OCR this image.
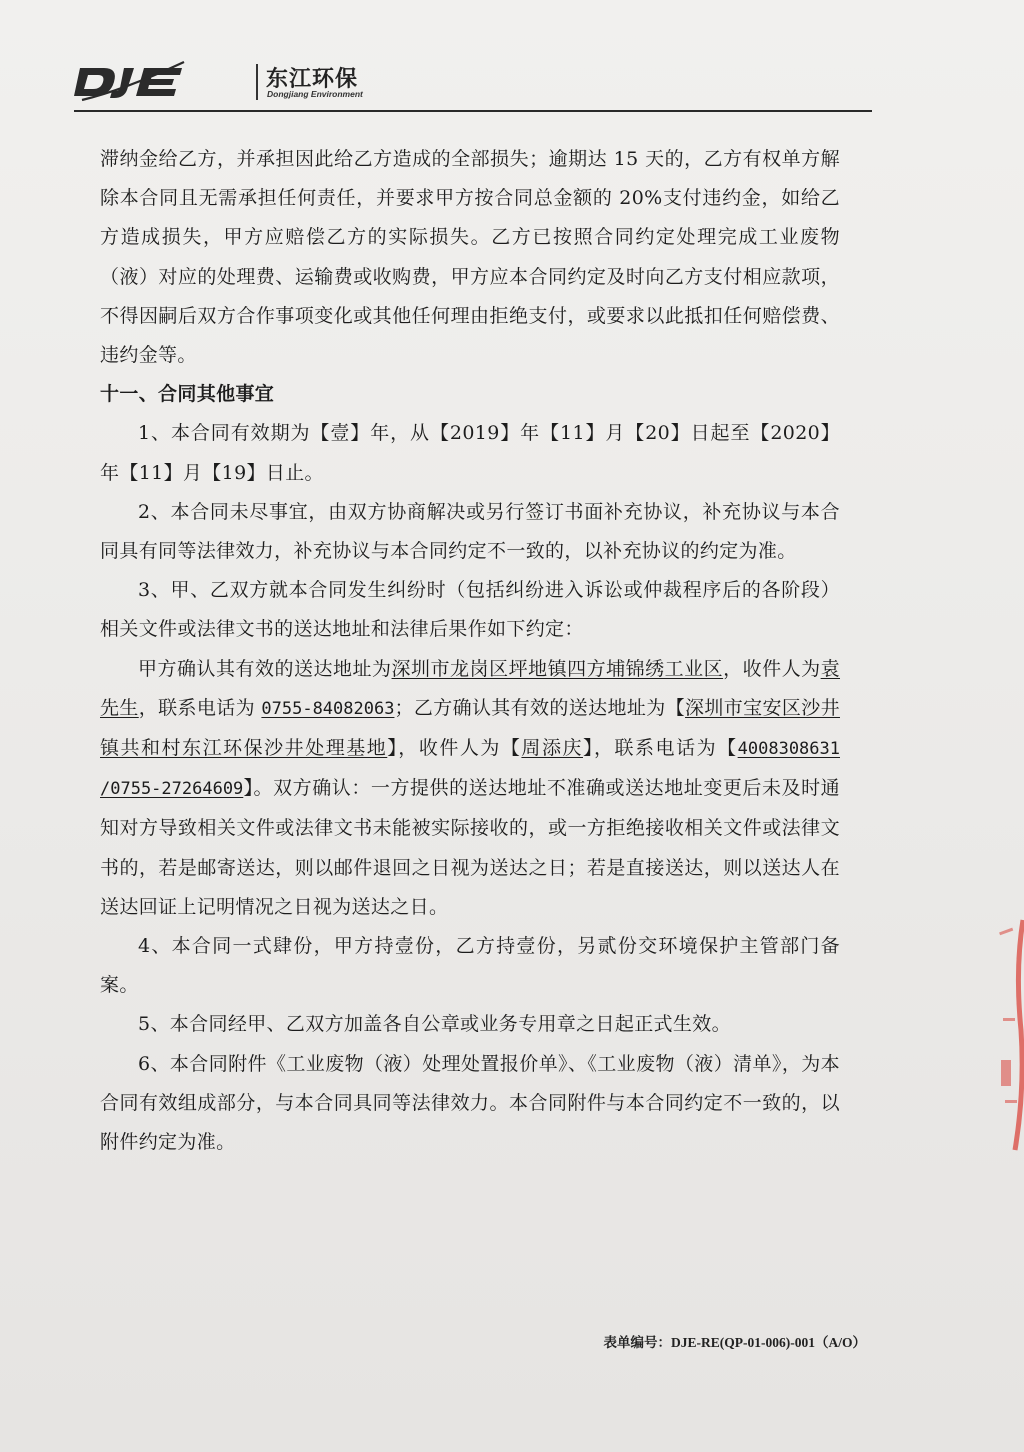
东江环保
Dongjiang Environment

滞纳金给乙方，并承担因此给乙方造成的全部损失；逾期达 15 天的，乙方有权单方解除本合同且无需承担任何责任，并要求甲方按合同总金额的 20%支付违约金，如给乙方造成损失，甲方应赔偿乙方的实际损失。乙方已按照合同约定处理完成工业废物（液）对应的处理费、运输费或收购费，甲方应本合同约定及时向乙方支付相应款项，不得因嗣后双方合作事项变化或其他任何理由拒绝支付，或要求以此抵扣任何赔偿费、违约金等。

十一、合同其他事宜

1、本合同有效期为【壹】年，从【2019】年【11】月【20】日起至【2020】年【11】月【19】日止。

2、本合同未尽事宜，由双方协商解决或另行签订书面补充协议，补充协议与本合同具有同等法律效力，补充协议与本合同约定不一致的，以补充协议的约定为准。

3、甲、乙双方就本合同发生纠纷时（包括纠纷进入诉讼或仲裁程序后的各阶段）相关文件或法律文书的送达地址和法律后果作如下约定：

甲方确认其有效的送达地址为深圳市龙岗区坪地镇四方埔锦绣工业区，收件人为袁先生，联系电话为 0755-84082063；乙方确认其有效的送达地址为【深圳市宝安区沙井镇共和村东江环保沙井处理基地】，收件人为【周添庆】，联系电话为【4008308631 /0755-27264609】。双方确认：一方提供的送达地址不准确或送达地址变更后未及时通知对方导致相关文件或法律文书未能被实际接收的，或一方拒绝接收相关文件或法律文书的，若是邮寄送达，则以邮件退回之日视为送达之日；若是直接送达，则以送达人在送达回证上记明情况之日视为送达之日。

4、本合同一式肆份，甲方持壹份，乙方持壹份，另贰份交环境保护主管部门备案。

5、本合同经甲、乙双方加盖各自公章或业务专用章之日起正式生效。

6、本合同附件《工业废物（液）处理处置报价单》、《工业废物（液）清单》，为本合同有效组成部分，与本合同具同等法律效力。本合同附件与本合同约定不一致的，以附件约定为准。

表单编号：DJE-RE(QP-01-006)-001（A/O）
